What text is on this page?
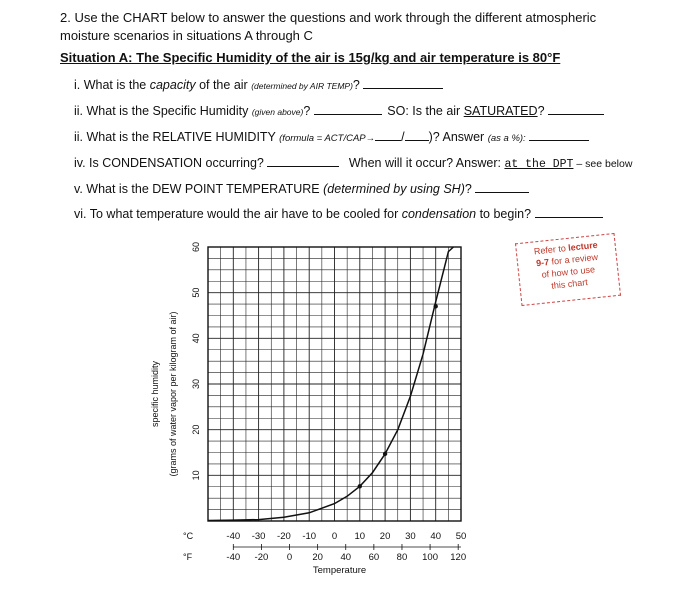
2. Use the CHART below to answer the questions and work through the different atmospheric
moisture scenarios in situations A through C
Situation A: The Specific Humidity of the air is 15g/kg and air temperature is 80°F
i. What is the capacity of the air (determined by AIR TEMP)?
ii. What is the Specific Humidity (given above)?	SO: Is the air SATURATED?
ii. What is the RELATIVE HUMIDITY (formula = ACT/CAP→ / )? Answer (as a %):
iv. Is CONDENSATION occurring?	When will it occur? Answer: at the DPT – see below
v. What is the DEW POINT TEMPERATURE (determined by using SH)?
vi. To what temperature would the air have to be cooled for condensation to begin?
Refer to lecture
9-7 for a review
of how to use
this chart
60
50
40
30
20
10
specific humidity (grams of water vapor per kilogram of air)
°C	-40 -30 -20 -10 0 10 20 30 40 50
°F	-40 -20 0 20 40 60 80 100 120
Temperature
